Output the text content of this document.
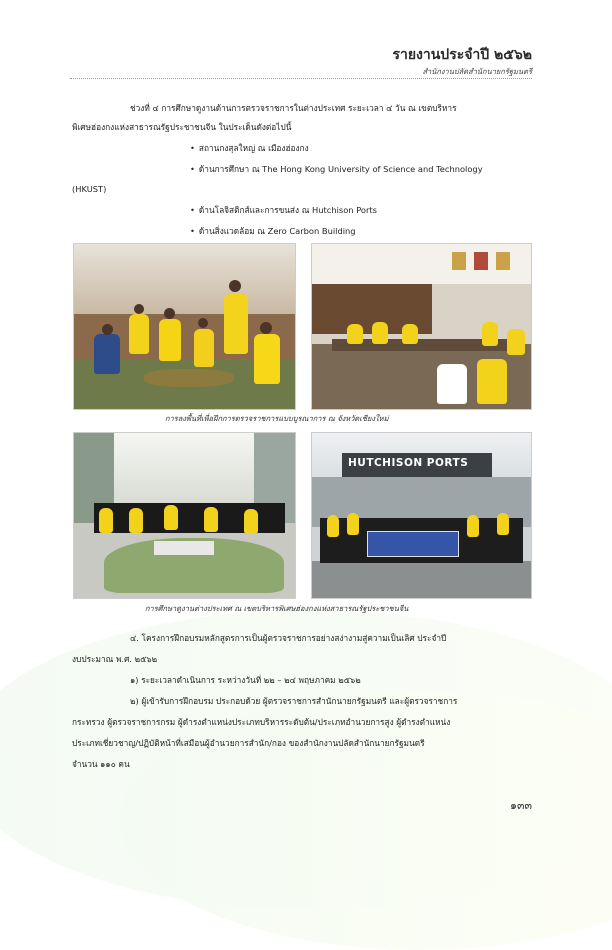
รายงานประจำปี ๒๕๖๒
สำนักงานปลัดสำนักนายกรัฐมนตรี
ช่วงที่ ๔ การศึกษาดูงานด้านการตรวจราชการในต่างประเทศ ระยะเวลา ๔ วัน ณ เขตบริหาร
พิเศษฮ่องกงแห่งสาธารณรัฐประชาชนจีน ในประเด็นดังต่อไปนี้
• สถานกงสุลใหญ่ ณ เมืองฮ่องกง
• ด้านการศึกษา ณ The Hong Kong University of Science and Technology
(HKUST)
• ด้านโลจิสติกส์และการขนส่ง ณ Hutchison Ports
• ด้านสิ่งแวดล้อม ณ Zero Carbon Building
การลงพื้นที่เพื่อฝึกการตรวจราชการแบบบูรณาการ ณ จังหวัดเชียงใหม่
HUTCHISON PORTS
การศึกษาดูงานต่างประเทศ ณ เขตบริหารพิเศษฮ่องกงแห่งสาธารณรัฐประชาชนจีน
๔. โครงการฝึกอบรมหลักสูตรการเป็นผู้ตรวจราชการอย่างสง่างามสู่ความเป็นเลิศ ประจำปี
งบประมาณ พ.ศ. ๒๕๖๒
๑) ระยะเวลาดำเนินการ ระหว่างวันที่ ๒๒ – ๒๔ พฤษภาคม ๒๕๖๒
๒) ผู้เข้ารับการฝึกอบรม ประกอบด้วย ผู้ตรวจราชการสำนักนายกรัฐมนตรี และผู้ตรวจราชการ
กระทรวง ผู้ตรวจราชการกรม ผู้ดำรงตำแหน่งประเภทบริหารระดับต้น/ประเภทอำนวยการสูง ผู้ดำรงตำแหน่ง
ประเภทเชี่ยวชาญ/ปฏิบัติหน้าที่เสมือนผู้อำนวยการสำนัก/กอง ของสำนักงานปลัดสำนักนายกรัฐมนตรี
จำนวน ๑๑๐ คน
๑๓๓
